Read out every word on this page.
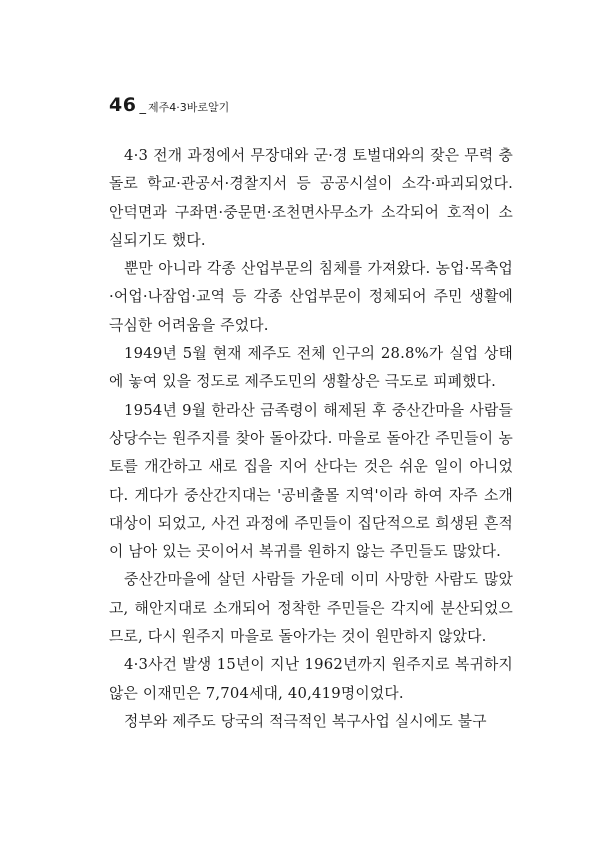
46 _ 제주4·3바로알기

4·3 전개 과정에서 무장대와 군·경 토벌대와의 잦은 무력 충돌로 학교·관공서·경찰지서 등 공공시설이 소각·파괴되었다. 안덕면과 구좌면·중문면·조천면사무소가 소각되어 호적이 소실되기도 했다.

뿐만 아니라 각종 산업부문의 침체를 가져왔다. 농업·목축업·어업·나잠업·교역 등 각종 산업부문이 정체되어 주민 생활에 극심한 어려움을 주었다.

1949년 5월 현재 제주도 전체 인구의 28.8%가 실업 상태에 놓여 있을 정도로 제주도민의 생활상은 극도로 피폐했다.

1954년 9월 한라산 금족령이 해제된 후 중산간마을 사람들 상당수는 원주지를 찾아 돌아갔다. 마을로 돌아간 주민들이 농토를 개간하고 새로 집을 지어 산다는 것은 쉬운 일이 아니었다. 게다가 중산간지대는 '공비출몰 지역'이라 하여 자주 소개 대상이 되었고, 사건 과정에 주민들이 집단적으로 희생된 흔적이 남아 있는 곳이어서 복귀를 원하지 않는 주민들도 많았다.

중산간마을에 살던 사람들 가운데 이미 사망한 사람도 많았고, 해안지대로 소개되어 정착한 주민들은 각지에 분산되었으므로, 다시 원주지 마을로 돌아가는 것이 원만하지 않았다.

4·3사건 발생 15년이 지난 1962년까지 원주지로 복귀하지 않은 이재민은 7,704세대, 40,419명이었다.

정부와 제주도 당국의 적극적인 복구사업 실시에도 불구
